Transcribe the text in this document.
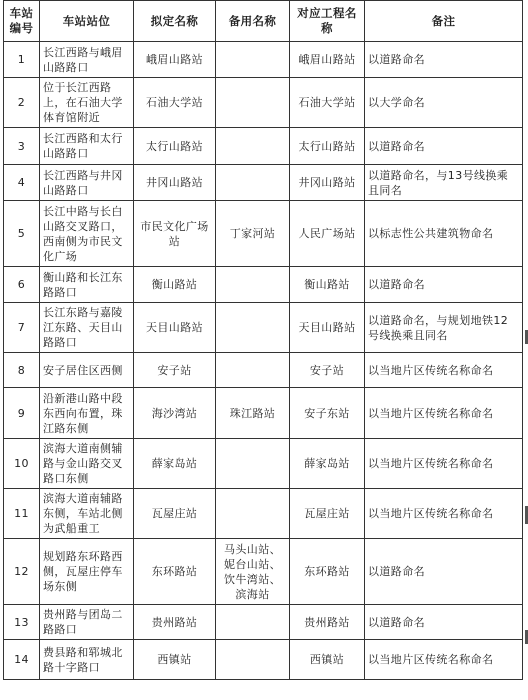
车站编号	车站站位	拟定名称	备用名称	对应工程名称	备注
1	长江西路与峨眉山路路口	峨眉山路站		峨眉山路站	以道路命名
2	位于长江西路上，在石油大学体育馆附近	石油大学站		石油大学站	以大学命名
3	长江西路和太行山路路口	太行山路站		太行山路站	以道路命名
4	长江西路与井冈山路路口	井冈山路站		井冈山路站	以道路命名，与13号线换乘且同名
5	长江中路与长白山路交叉路口，西南侧为市民文化广场	市民文化广场站	丁家河站	人民广场站	以标志性公共建筑物命名
6	衡山路和长江东路路口	衡山路站		衡山路站	以道路命名
7	长江东路与嘉陵江东路、天目山路路口	天目山路站		天目山路站	以道路命名，与规划地铁12号线换乘且同名
8	安子居住区西侧	安子站		安子站	以当地片区传统名称命名
9	沿新港山路中段东西向布置，珠江路东侧	海沙湾站	珠江路站	安子东站	以当地片区传统名称命名
10	滨海大道南侧辅路与金山路交叉路口东侧	薛家岛站		薛家岛站	以当地片区传统名称命名
11	滨海大道南辅路东侧，车站北侧为武船重工	瓦屋庄站		瓦屋庄站	以当地片区传统名称命名
12	规划路东环路西侧，瓦屋庄停车场东侧	东环路站	马头山站、妮台山站、饮牛湾站、滨海站	东环路站	以道路命名
13	贵州路与团岛二路路口	贵州路站		贵州路站	以道路命名
14	费县路和郓城北路十字路口	西镇站		西镇站	以当地片区传统名称命名
